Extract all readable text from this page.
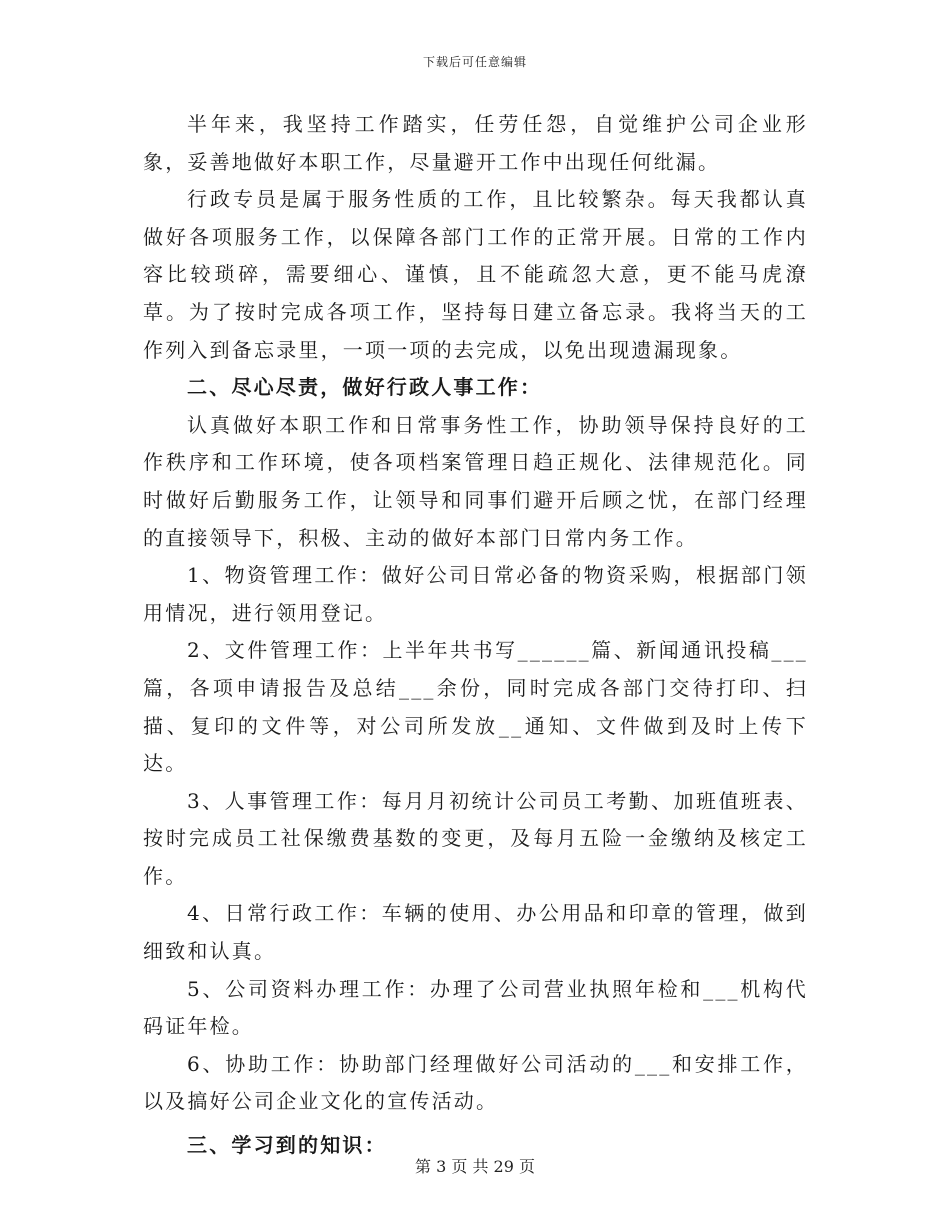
下载后可任意编辑

半年来，我坚持工作踏实，任劳任怨，自觉维护公司企业形象，妥善地做好本职工作，尽量避开工作中出现任何纰漏。

行政专员是属于服务性质的工作，且比较繁杂。每天我都认真做好各项服务工作，以保障各部门工作的正常开展。日常的工作内容比较琐碎，需要细心、谨慎，且不能疏忽大意，更不能马虎潦草。为了按时完成各项工作，坚持每日建立备忘录。我将当天的工作列入到备忘录里，一项一项的去完成，以免出现遗漏现象。

二、尽心尽责，做好行政人事工作：

认真做好本职工作和日常事务性工作，协助领导保持良好的工作秩序和工作环境，使各项档案管理日趋正规化、法律规范化。同时做好后勤服务工作，让领导和同事们避开后顾之忧，在部门经理的直接领导下，积极、主动的做好本部门日常内务工作。

1、物资管理工作：做好公司日常必备的物资采购，根据部门领用情况，进行领用登记。

2、文件管理工作：上半年共书写______篇、新闻通讯投稿___篇，各项申请报告及总结___余份，同时完成各部门交待打印、扫描、复印的文件等，对公司所发放__通知、文件做到及时上传下达。

3、人事管理工作：每月月初统计公司员工考勤、加班值班表、按时完成员工社保缴费基数的变更，及每月五险一金缴纳及核定工作。

4、日常行政工作：车辆的使用、办公用品和印章的管理，做到细致和认真。

5、公司资料办理工作：办理了公司营业执照年检和___机构代码证年检。

6、协助工作：协助部门经理做好公司活动的___和安排工作，以及搞好公司企业文化的宣传活动。

三、学习到的知识：

第 3 页 共 29 页
